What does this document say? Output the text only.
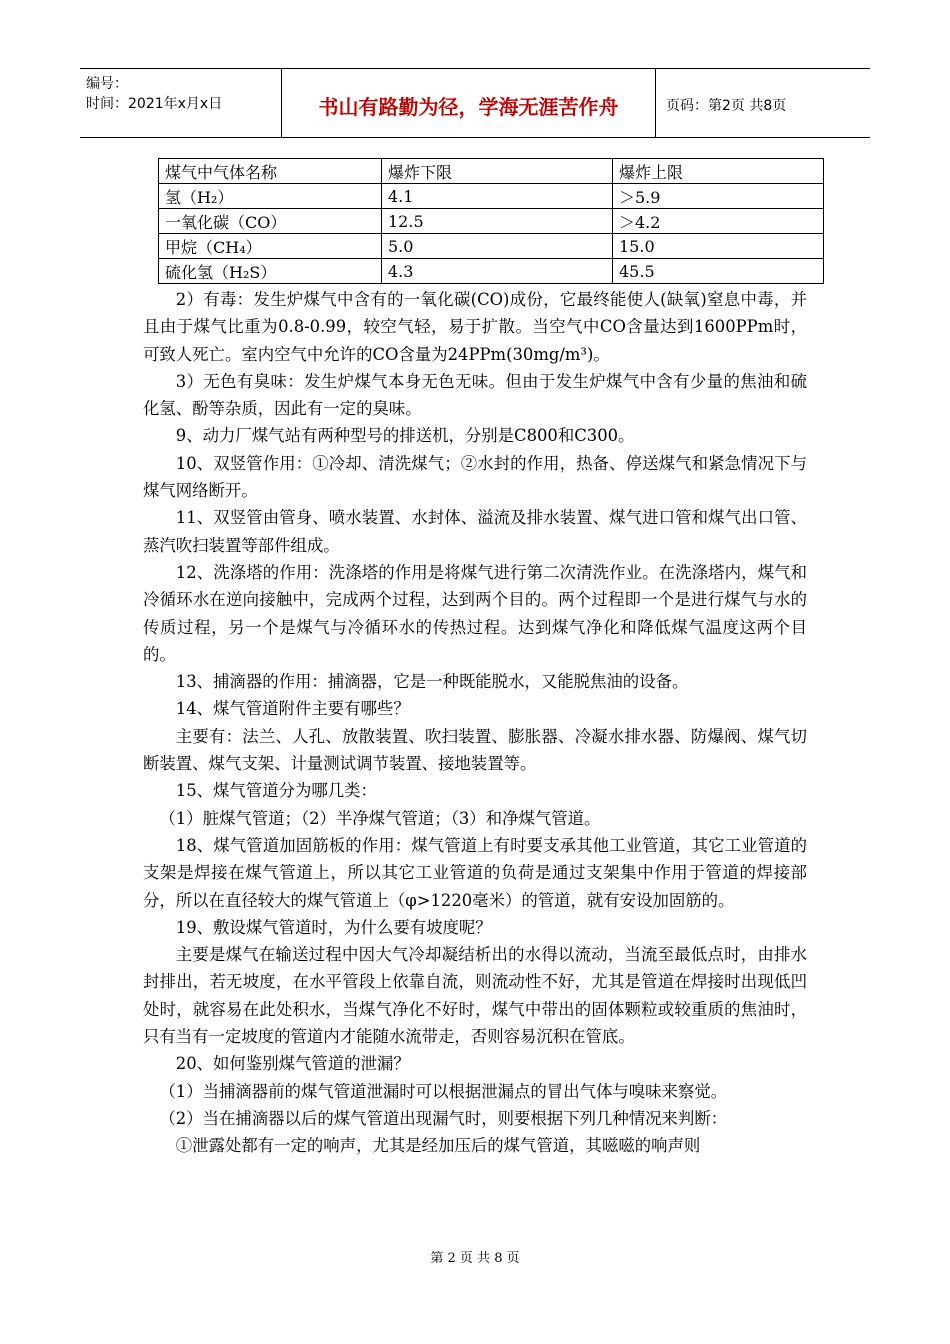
编号：
时间：2021年x月x日	书山有路勤为径，学海无涯苦作舟	页码：第2页 共8页
煤气中气体名称	爆炸下限	爆炸上限
氢（H₂）	4.1	＞5.9
一氧化碳（CO）	12.5	＞4.2
甲烷（CH₄）	5.0	15.0
硫化氢（H₂S）	4.3	45.5

2）有毒：发生炉煤气中含有的一氧化碳(CO)成份，它最终能使人(缺氧)窒息中毒，并且由于煤气比重为0.8-0.99，较空气轻，易于扩散。当空气中CO含量达到1600PPm时，可致人死亡。室内空气中允许的CO含量为24PPm(30mg/m³)。

3）无色有臭味：发生炉煤气本身无色无味。但由于发生炉煤气中含有少量的焦油和硫化氢、酚等杂质，因此有一定的臭味。

9、动力厂煤气站有两种型号的排送机，分别是C800和C300。

10、双竖管作用：①冷却、清洗煤气；②水封的作用，热备、停送煤气和紧急情况下与煤气网络断开。

11、双竖管由管身、喷水装置、水封体、溢流及排水装置、煤气进口管和煤气出口管、蒸汽吹扫装置等部件组成。

12、洗涤塔的作用：洗涤塔的作用是将煤气进行第二次清洗作业。在洗涤塔内，煤气和冷循环水在逆向接触中，完成两个过程，达到两个目的。两个过程即一个是进行煤气与水的传质过程，另一个是煤气与冷循环水的传热过程。达到煤气净化和降低煤气温度这两个目的。

13、捕滴器的作用：捕滴器，它是一种既能脱水，又能脱焦油的设备。

14、煤气管道附件主要有哪些？

主要有：法兰、人孔、放散装置、吹扫装置、膨胀器、冷凝水排水器、防爆阀、煤气切断装置、煤气支架、计量测试调节装置、接地装置等。

15、煤气管道分为哪几类：

（1）脏煤气管道；（2）半净煤气管道；（3）和净煤气管道。

18、煤气管道加固筋板的作用：煤气管道上有时要支承其他工业管道，其它工业管道的支架是焊接在煤气管道上，所以其它工业管道的负荷是通过支架集中作用于管道的焊接部分，所以在直径较大的煤气管道上（φ>1220毫米）的管道，就有安设加固筋的。

19、敷设煤气管道时，为什么要有坡度呢？

主要是煤气在输送过程中因大气冷却凝结析出的水得以流动，当流至最低点时，由排水封排出，若无坡度，在水平管段上依靠自流，则流动性不好，尤其是管道在焊接时出现低凹处时，就容易在此处积水，当煤气净化不好时，煤气中带出的固体颗粒或较重质的焦油时，只有当有一定坡度的管道内才能随水流带走，否则容易沉积在管底。

20、如何鉴别煤气管道的泄漏？

（1）当捕滴器前的煤气管道泄漏时可以根据泄漏点的冒出气体与嗅味来察觉。

（2）当在捕滴器以后的煤气管道出现漏气时，则要根据下列几种情况来判断：

①泄露处都有一定的响声，尤其是经加压后的煤气管道，其嗞嗞的响声则

第 2 页 共 8 页
